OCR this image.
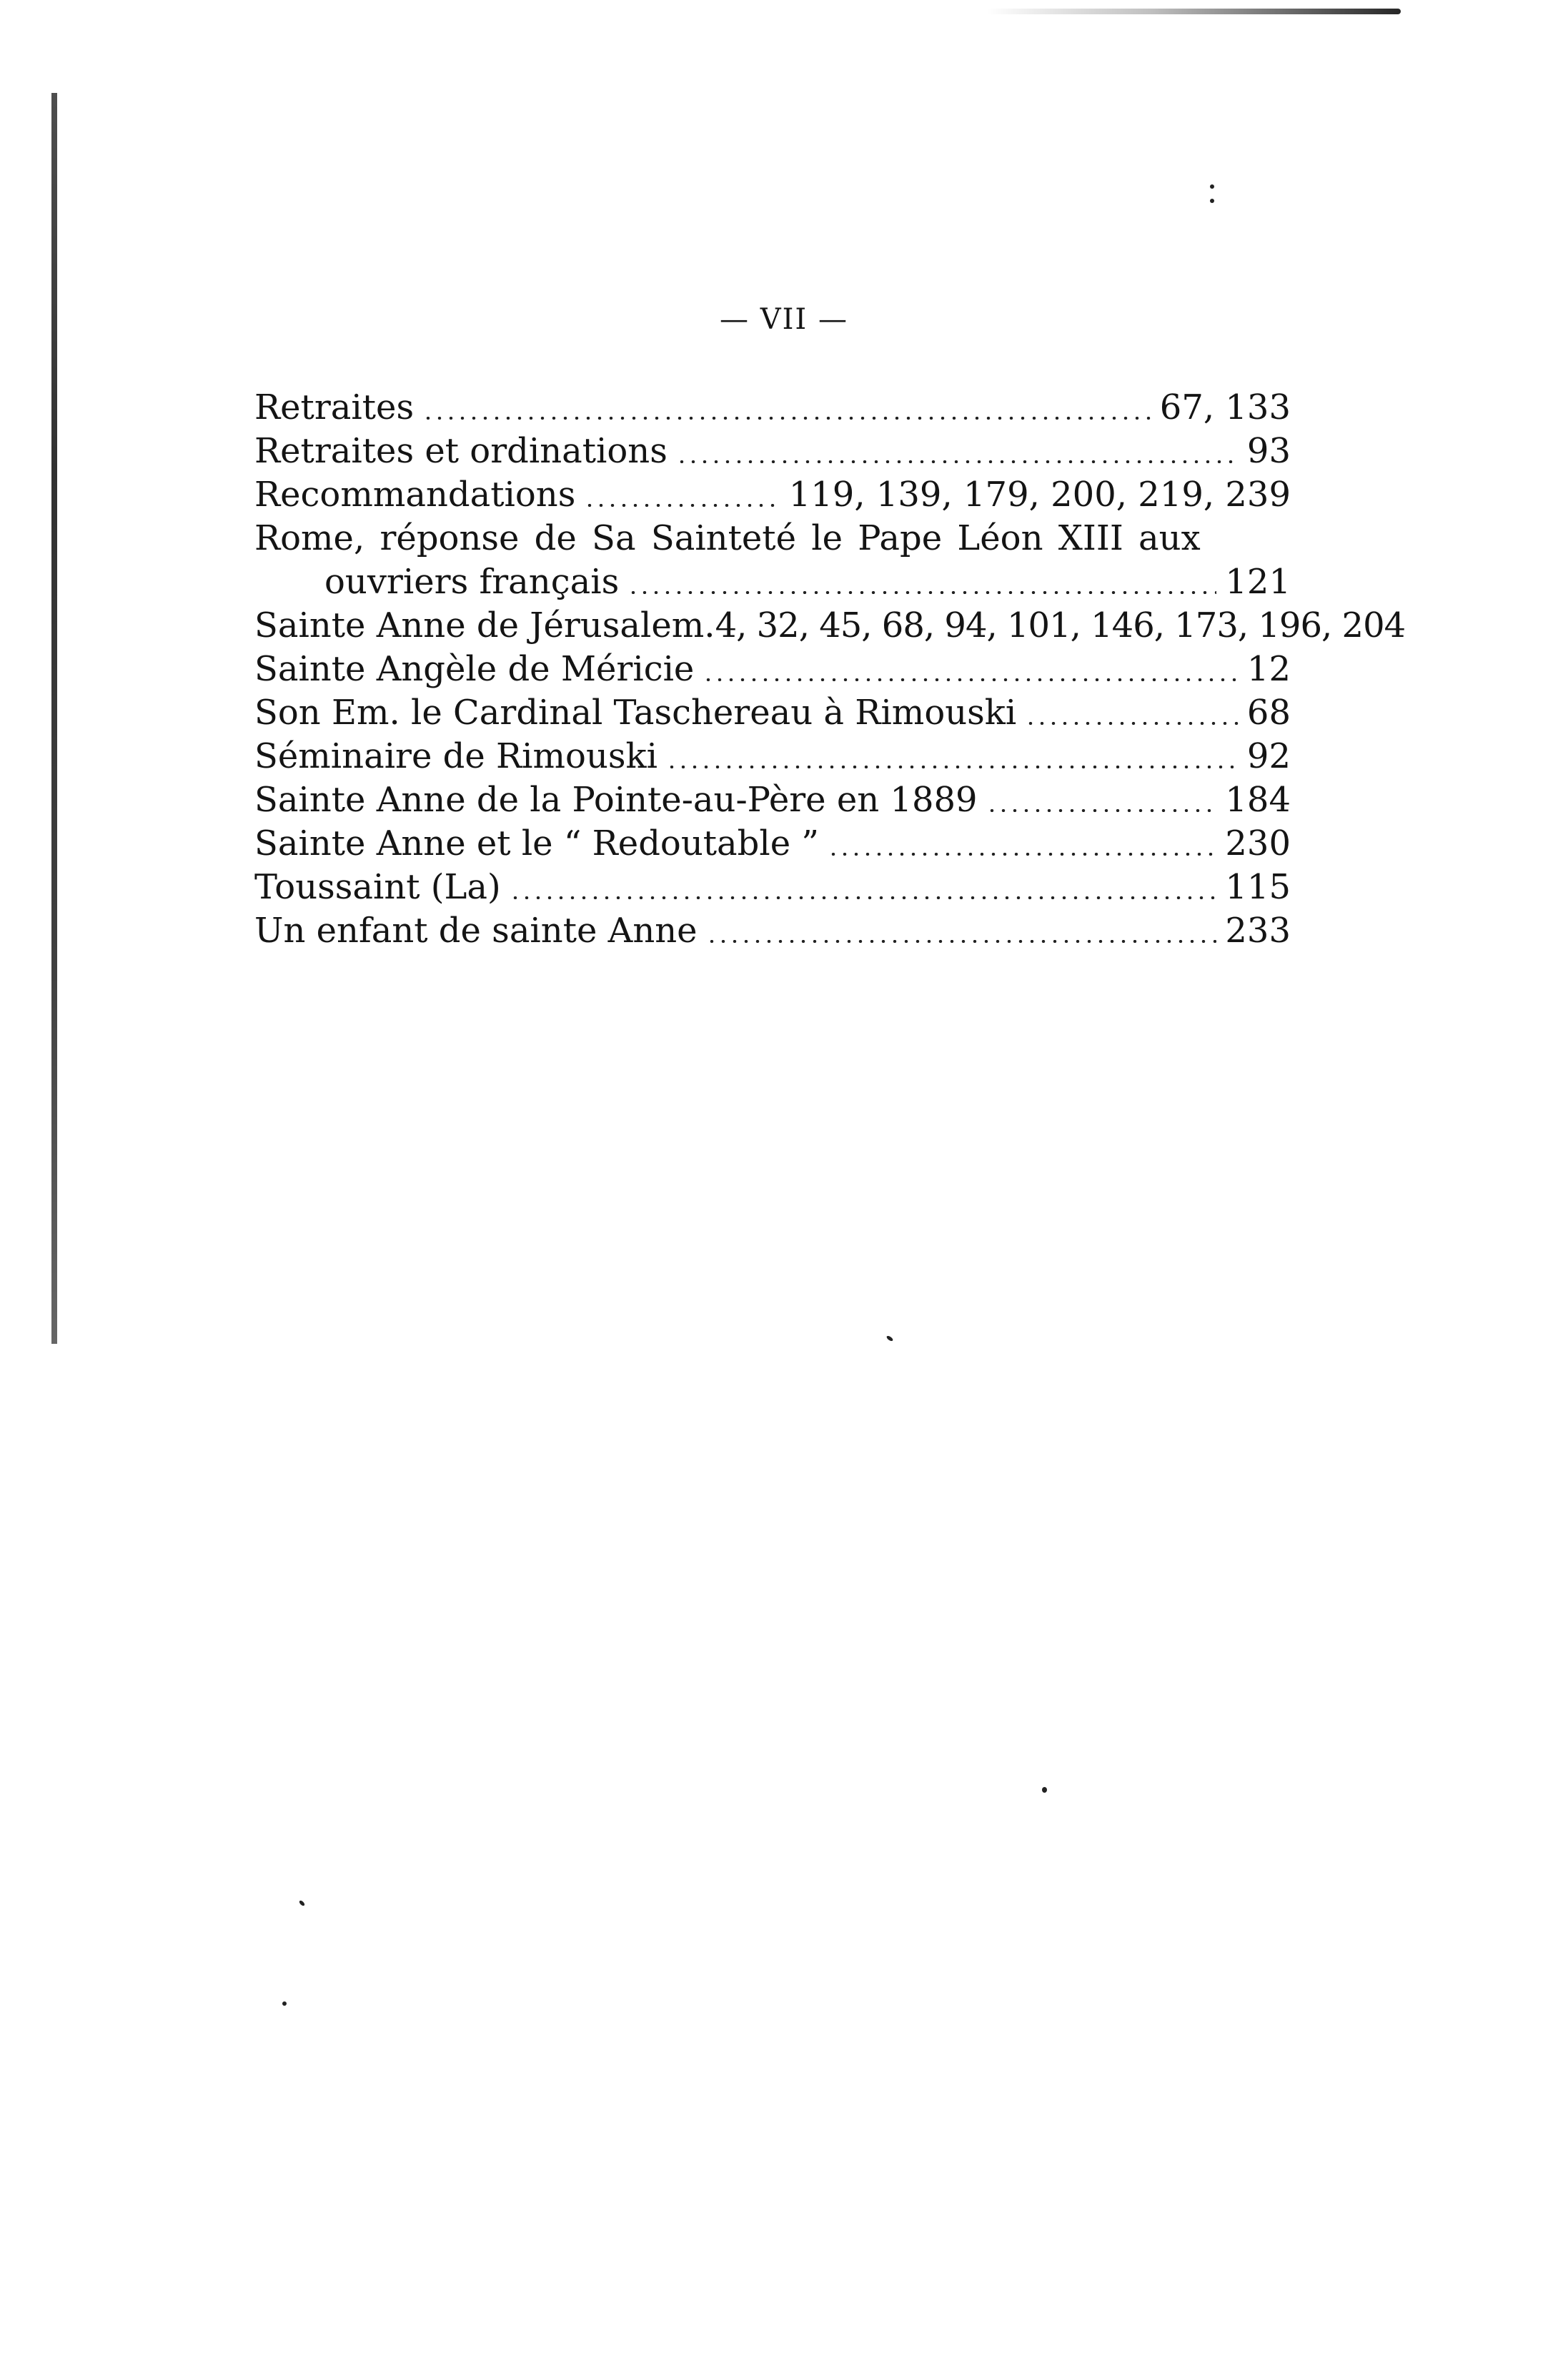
— VII —
Retraites	67, 133
Retraites et ordinations	93
Recommandations	119, 139, 179, 200, 219, 239
Rome, réponse de Sa Sainteté le Pape Léon XIII aux
ouvriers français	121
Sainte Anne de Jérusalem. 4, 32, 45, 68, 94, 101, 146, 173, 196, 204
Sainte Angèle de Méricie	12
Son Em. le Cardinal Taschereau à Rimouski	68
Séminaire de Rimouski	92
Sainte Anne de la Pointe-au-Père en 1889	184
Sainte Anne et le “ Redoutable ”	230
Toussaint (La)	115
Un enfant de sainte Anne	233
